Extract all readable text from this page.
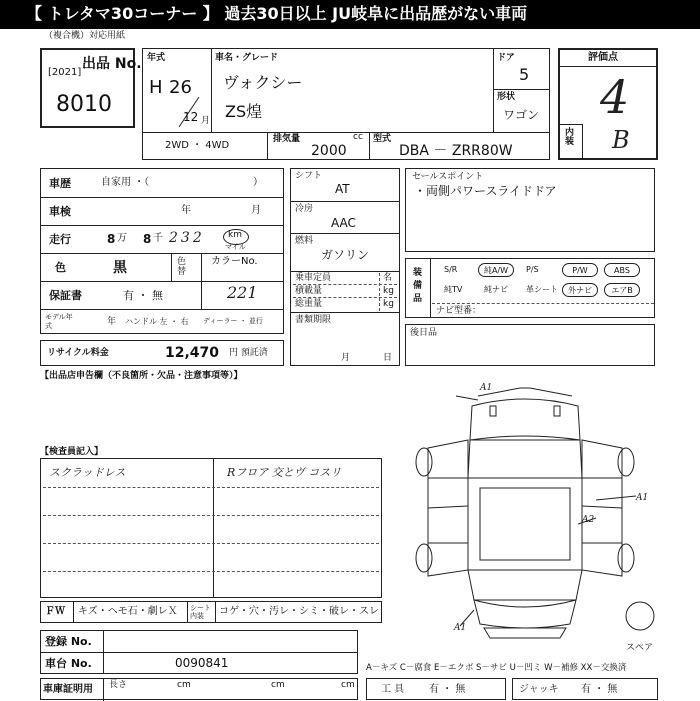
【 トレタマ30コーナー 】 過去30日以上 JU岐阜に出品歴がない車両
（複合機）対応用紙
出品 No.
[2021]
8010
年式
H 26
12 月
車名・グレード
ヴォクシー
ZS煌
ドア
5
形状
ワゴン
2WD ・ 4WD
排気量	cc
2000
型式
DBA － ZRR80W
評価点
4
内装 B
車歴	自家用 ・（	）
車検	年	月
走行	8 万 8 千 232	km
マイル
色	黒	色替
カラーNo.
221
保証書	有 ・ 無
モデル年式	年 ハンドル 左 ・ 右 ディーラー ・ 並行
リサイクル料金	12,470 円 預託済
シフト
AT
冷房
AAC
燃料
ガソリン
乗車定員	名
積載量	kg
総重量	kg
書類期限
月	日
セールスポイント
・両側パワースライドドア
装備品
S/R	純A/W	P/S	P/W	ABS
純TV	純ナビ 革シート	外ナビ	エアB
ナビ型番：
後日品
【出品店申告欄（不良箇所・欠品・注意事項等）】
【検査員記入】
スクラッドレス	Rフロア 交とヴ コスリ
ＦＷ キズ・ヘモ石・劇レＸ シート内装	コゲ・穴・汚レ・シミ・破レ・スレ
登録 No.
車台 No.	0090841
車庫証明用 長さ	cm	cm	cm
A1
A1
A2
A1
スペア
A－キズ C－腐食 E－エクボ S－サビ U－凹ミ W－補修 XX－交換済
工 具 有 ・ 無	ジャッキ 有 ・ 無
